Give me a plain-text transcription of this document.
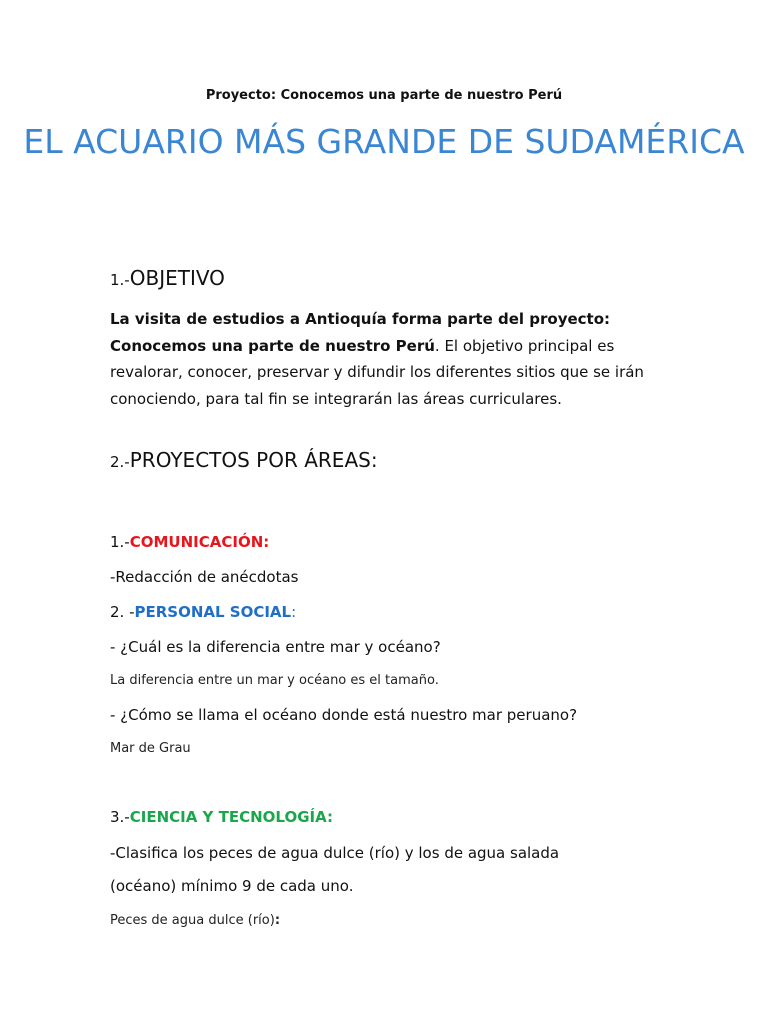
Proyecto: Conocemos una parte de nuestro Perú
EL ACUARIO MÁS GRANDE DE SUDAMÉRICA
1.-OBJETIVO
La visita de estudios a Antioquía forma parte del proyecto: Conocemos una parte de nuestro Perú. El objetivo principal es revalorar, conocer, preservar y difundir los diferentes sitios que se irán conociendo, para tal fin se integrarán las áreas curriculares.
2.-PROYECTOS POR ÁREAS:
1.-COMUNICACIÓN:
-Redacción de anécdotas
2. -PERSONAL SOCIAL:
- ¿Cuál es la diferencia entre mar y océano?
La diferencia entre un mar y océano es el tamaño.
- ¿Cómo se llama el océano donde está nuestro mar peruano?
Mar de Grau
3.-CIENCIA Y TECNOLOGÍA:
-Clasifica los peces de agua dulce (río) y los de agua salada
(océano) mínimo 9 de cada uno.
Peces de agua dulce (río):
